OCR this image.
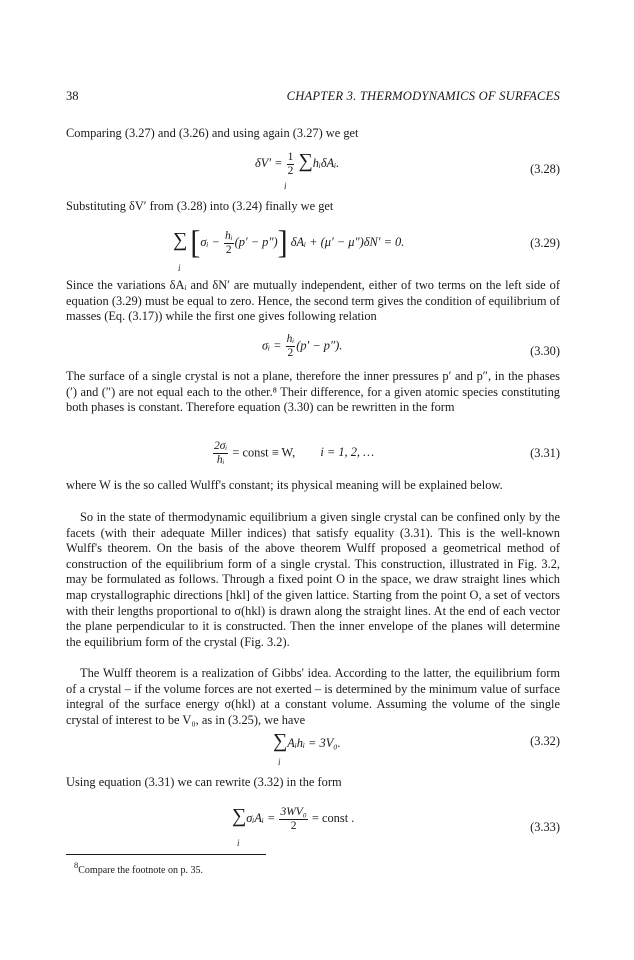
38	CHAPTER 3. THERMODYNAMICS OF SURFACES
Comparing (3.27) and (3.26) and using again (3.27) we get
$\delta V' = \frac{1}{2}$ ∑hᵢδAᵢ.
i
(3.28)
Substituting δV′ from (3.28) into (3.24) finally we get
∑ [σᵢ − $\frac{\text{hᵢ}}{2} (p' - p'')$] δAᵢ + (μ′ − μ″)δN′ = 0.
i
(3.29)
Since the variations δAᵢ and δN′ are mutually independent, either of two terms on the left side of equation (3.29) must be equal to zero. Hence, the second term gives the condition of equilibrium of masses (Eq. (3.17)) while the first one gives following relation
σᵢ = $\frac{\text{hᵢ}}{2} (p' - p'')$.	(3.30)
The surface of a single crystal is not a plane, therefore the inner pressures p′ and p″, in the phases (′) and (″) are not equal each to the other.⁸ Their difference, for a given atomic species constituting both phases is constant. Therefore equation (3.30) can be rewritten in the form
$\frac{\text{2σᵢ}}{\text{hᵢ}}$ = const ≡ W, i = 1, 2, …	(3.31)
where W is the so called Wulff's constant; its physical meaning will be explained below.
So in the state of thermodynamic equilibrium a given single crystal can be confined only by the facets (with their adequate Miller indices) that satisfy equality (3.31). This is the well-known Wulff's theorem. On the basis of the above theorem Wulff proposed a geometrical method of construction of the equilibrium form of a single crystal. This construction, illustrated in Fig. 3.2, may be formulated as follows. Through a fixed point O in the space, we draw straight lines which map crystallographic directions [hkl] of the given lattice. Starting from the point O, a set of vectors with their lengths proportional to σ(hkl) is drawn along the straight lines. At the end of each vector the plane perpendicular to it is constructed. Then the inner envelope of the planes will determine the equilibrium form of the crystal (Fig. 3.2).
The Wulff theorem is a realization of Gibbs' idea. According to the latter, the equilibrium form of a crystal – if the volume forces are not exerted – is determined by the minimum value of surface integral of the surface energy σ(hkl) at a constant volume. Assuming the volume of the single crystal of interest to be V₀, as in (3.25), we have
∑Aᵢhᵢ = 3V₀.
i
(3.32)
Using equation (3.31) we can rewrite (3.32) in the form
∑σᵢAᵢ = $\frac{\text{3WV₀}}{2}$ = const .
i
(3.33)
$^8$Compare the footnote on p. 35.
